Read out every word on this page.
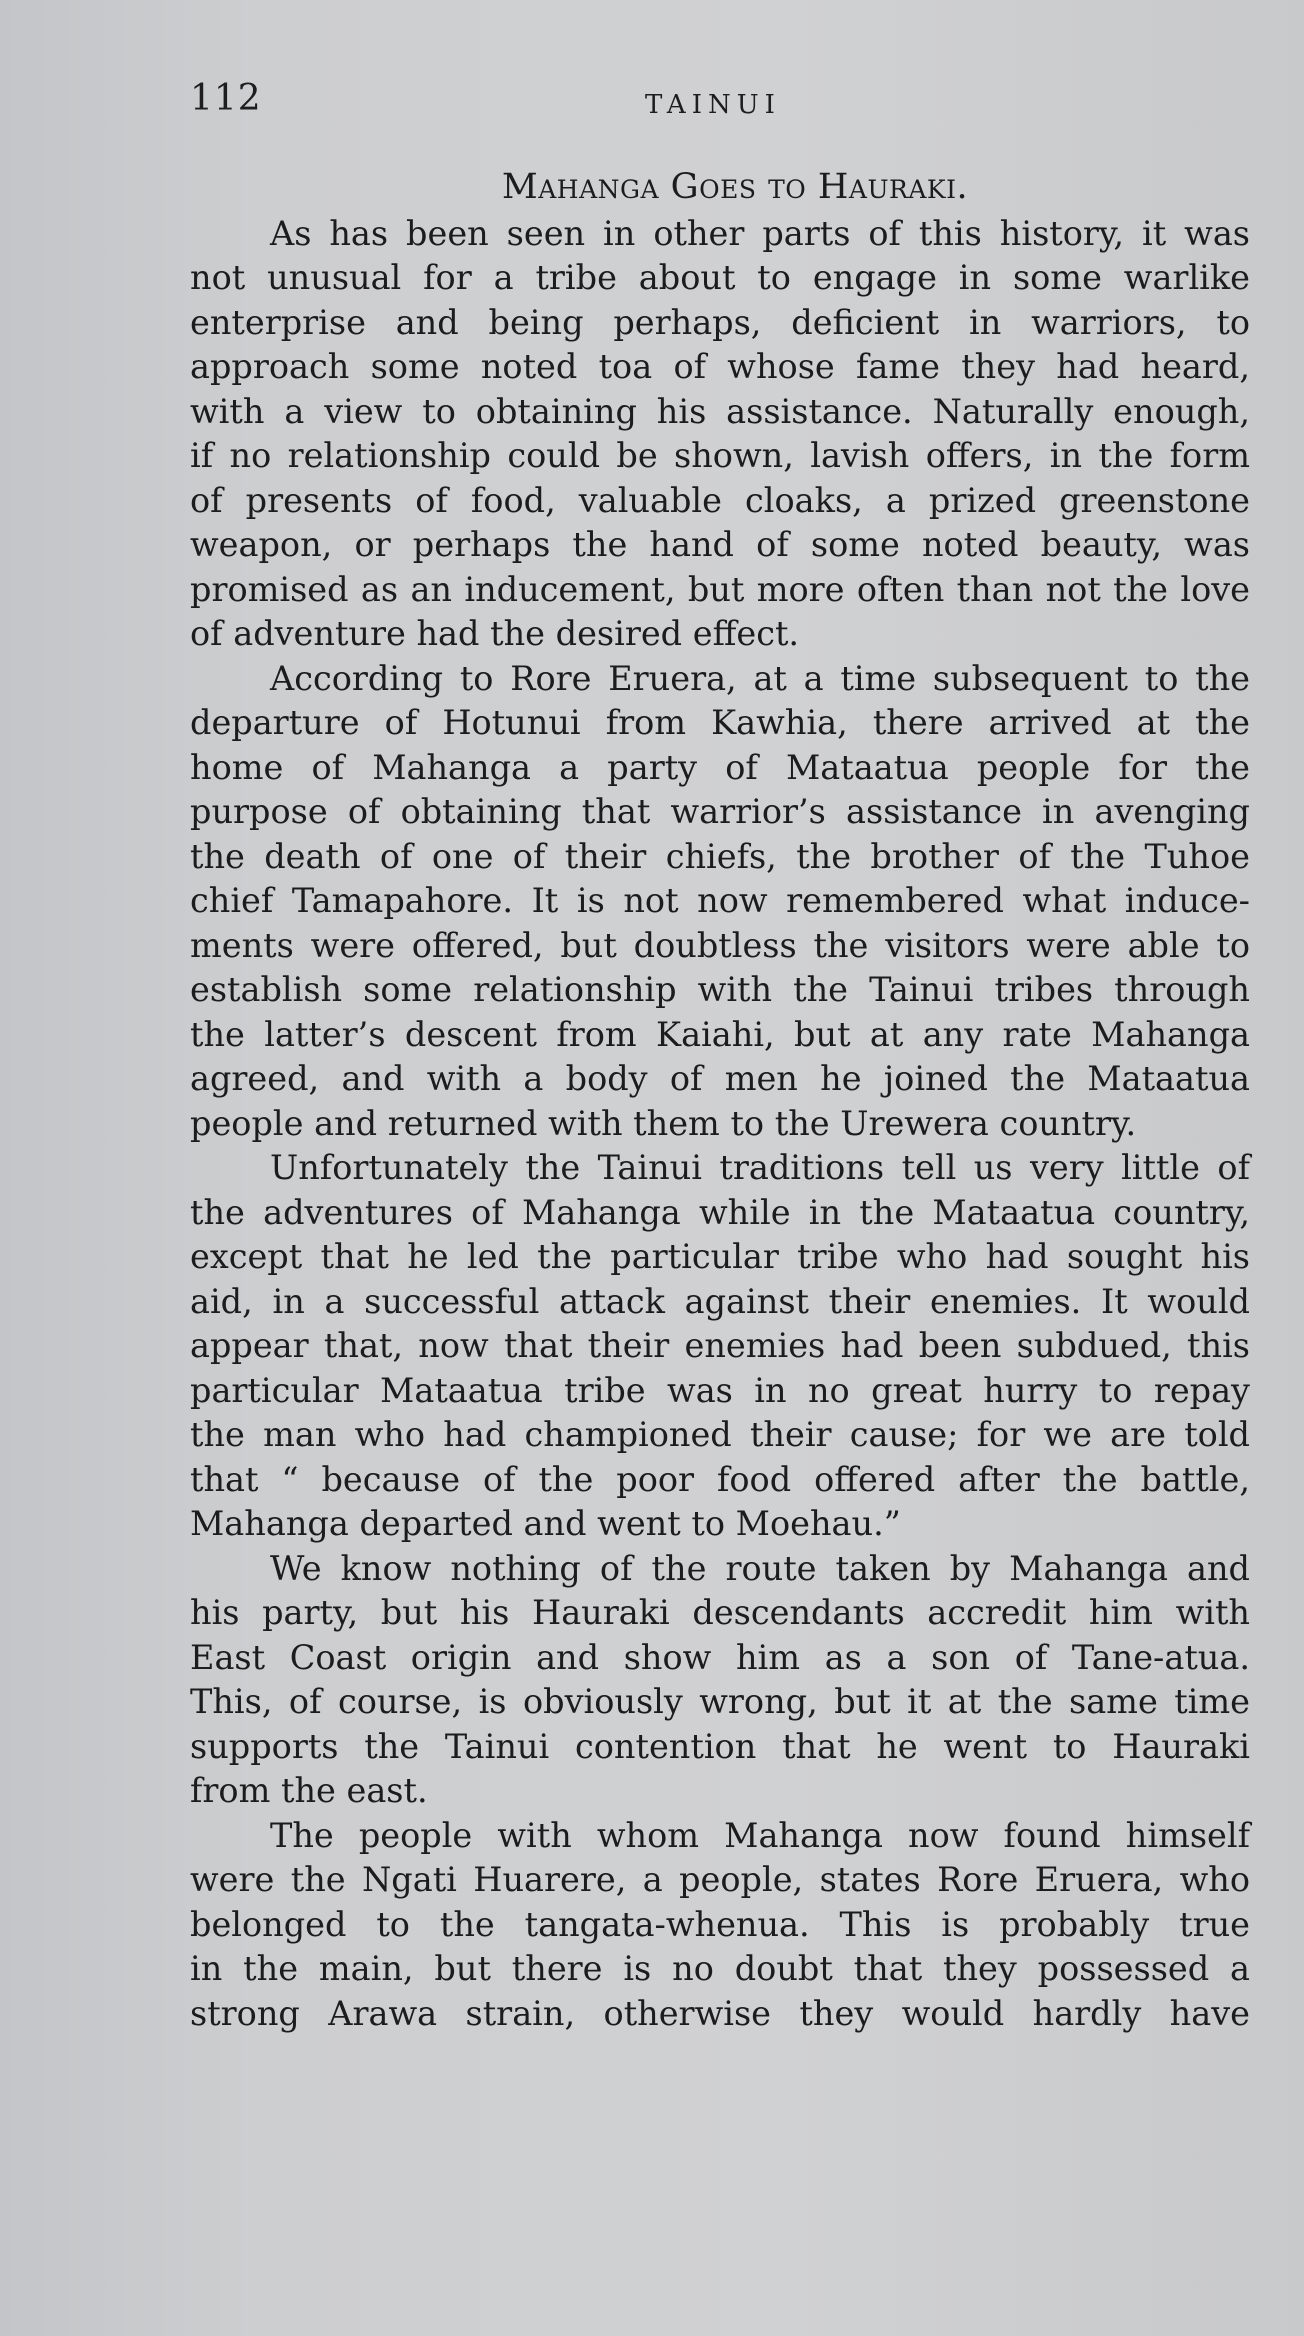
112	TAINUI
Mahanga Goes to Hauraki.
As has been seen in other parts of this history, it was
not unusual for a tribe about to engage in some warlike
enterprise and being perhaps, deficient in warriors, to
approach some noted toa of whose fame they had heard,
with a view to obtaining his assistance. Naturally enough,
if no relationship could be shown, lavish offers, in the form
of presents of food, valuable cloaks, a prized greenstone
weapon, or perhaps the hand of some noted beauty, was
promised as an inducement, but more often than not the love
of adventure had the desired effect.
According to Rore Eruera, at a time subsequent to the
departure of Hotunui from Kawhia, there arrived at the
home of Mahanga a party of Mataatua people for the
purpose of obtaining that warrior’s assistance in avenging
the death of one of their chiefs, the brother of the Tuhoe
chief Tamapahore. It is not now remembered what induce-
ments were offered, but doubtless the visitors were able to
establish some relationship with the Tainui tribes through
the latter’s descent from Kaiahi, but at any rate Mahanga
agreed, and with a body of men he joined the Mataatua
people and returned with them to the Urewera country.
Unfortunately the Tainui traditions tell us very little of
the adventures of Mahanga while in the Mataatua country,
except that he led the particular tribe who had sought his
aid, in a successful attack against their enemies. It would
appear that, now that their enemies had been subdued, this
particular Mataatua tribe was in no great hurry to repay
the man who had championed their cause; for we are told
that “ because of the poor food offered after the battle,
Mahanga departed and went to Moehau.”
We know nothing of the route taken by Mahanga and
his party, but his Hauraki descendants accredit him with
East Coast origin and show him as a son of Tane-atua.
This, of course, is obviously wrong, but it at the same time
supports the Tainui contention that he went to Hauraki
from the east.
The people with whom Mahanga now found himself
were the Ngati Huarere, a people, states Rore Eruera, who
belonged to the tangata-whenua. This is probably true
in the main, but there is no doubt that they possessed a
strong Arawa strain, otherwise they would hardly have
